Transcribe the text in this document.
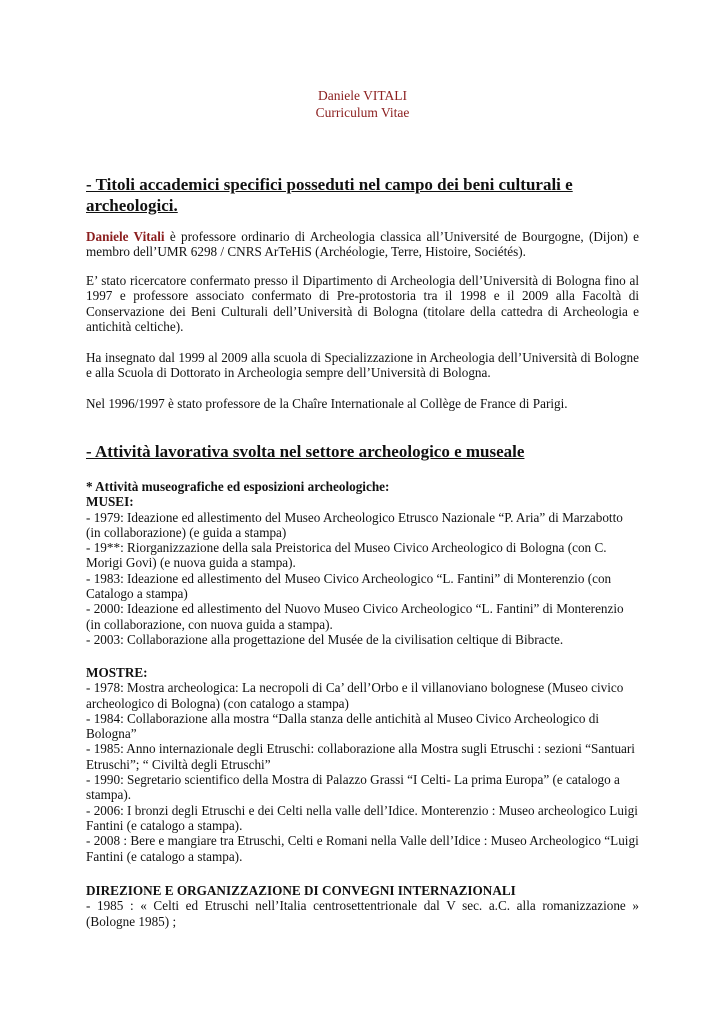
Daniele VITALI
Curriculum Vitae

- Titoli accademici specifici posseduti nel campo dei beni culturali e archeologici.

Daniele Vitali è professore ordinario di Archeologia classica all’Université de Bourgogne, (Dijon) e membro dell’UMR 6298 / CNRS ArTeHiS (Archéologie, Terre, Histoire, Sociétés).

E’ stato ricercatore confermato presso il Dipartimento di Archeologia dell’Università di Bologna fino al 1997 e professore associato confermato di Pre-protostoria tra il 1998 e il 2009 alla Facoltà di Conservazione dei Beni Culturali dell’Università di Bologna (titolare della cattedra di Archeologia e antichità celtiche).

Ha insegnato dal 1999 al 2009 alla scuola di Specializzazione in Archeologia dell’Università di Bologne e alla Scuola di Dottorato in Archeologia sempre dell’Università di Bologna.

Nel 1996/1997 è stato professore de la Chaîre Internationale al Collège de France di Parigi.

- Attività lavorativa svolta nel settore archeologico e museale

* Attività museografiche ed esposizioni archeologiche:

MUSEI:

- 1979: Ideazione ed allestimento del Museo Archeologico Etrusco Nazionale “P. Aria” di Marzabotto (in collaborazione) (e guida a stampa)

- 19**: Riorganizzazione della sala Preistorica del Museo Civico Archeologico di Bologna (con C. Morigi Govi) (e nuova guida a stampa).

- 1983: Ideazione ed allestimento del Museo Civico Archeologico “L. Fantini” di Monterenzio (con Catalogo a stampa)

- 2000: Ideazione ed allestimento del Nuovo Museo Civico Archeologico “L. Fantini” di Monterenzio (in collaborazione, con nuova guida a stampa).

- 2003: Collaborazione alla progettazione del Musée de la civilisation celtique di Bibracte.

MOSTRE:

- 1978: Mostra archeologica: La necropoli di Ca’ dell’Orbo e il villanoviano bolognese (Museo civico archeologico di Bologna) (con catalogo a stampa)

- 1984: Collaborazione alla mostra “Dalla stanza delle antichità al Museo Civico Archeologico di Bologna”

- 1985: Anno internazionale degli Etruschi: collaborazione alla Mostra sugli Etruschi : sezioni “Santuari Etruschi”; “ Civiltà degli Etruschi”

- 1990: Segretario scientifico della Mostra di Palazzo Grassi “I Celti- La prima Europa” (e catalogo a stampa).

- 2006: I bronzi degli Etruschi e dei Celti nella valle dell’Idice. Monterenzio : Museo archeologico Luigi Fantini (e catalogo a stampa).

- 2008 : Bere e mangiare tra Etruschi, Celti e Romani nella Valle dell’Idice : Museo Archeologico “Luigi Fantini (e catalogo a stampa).

DIREZIONE E ORGANIZZAZIONE DI CONVEGNI INTERNAZIONALI

- 1985 : « Celti ed Etruschi nell’Italia centrosettentrionale dal V sec. a.C. alla romanizzazione » (Bologne 1985) ;
